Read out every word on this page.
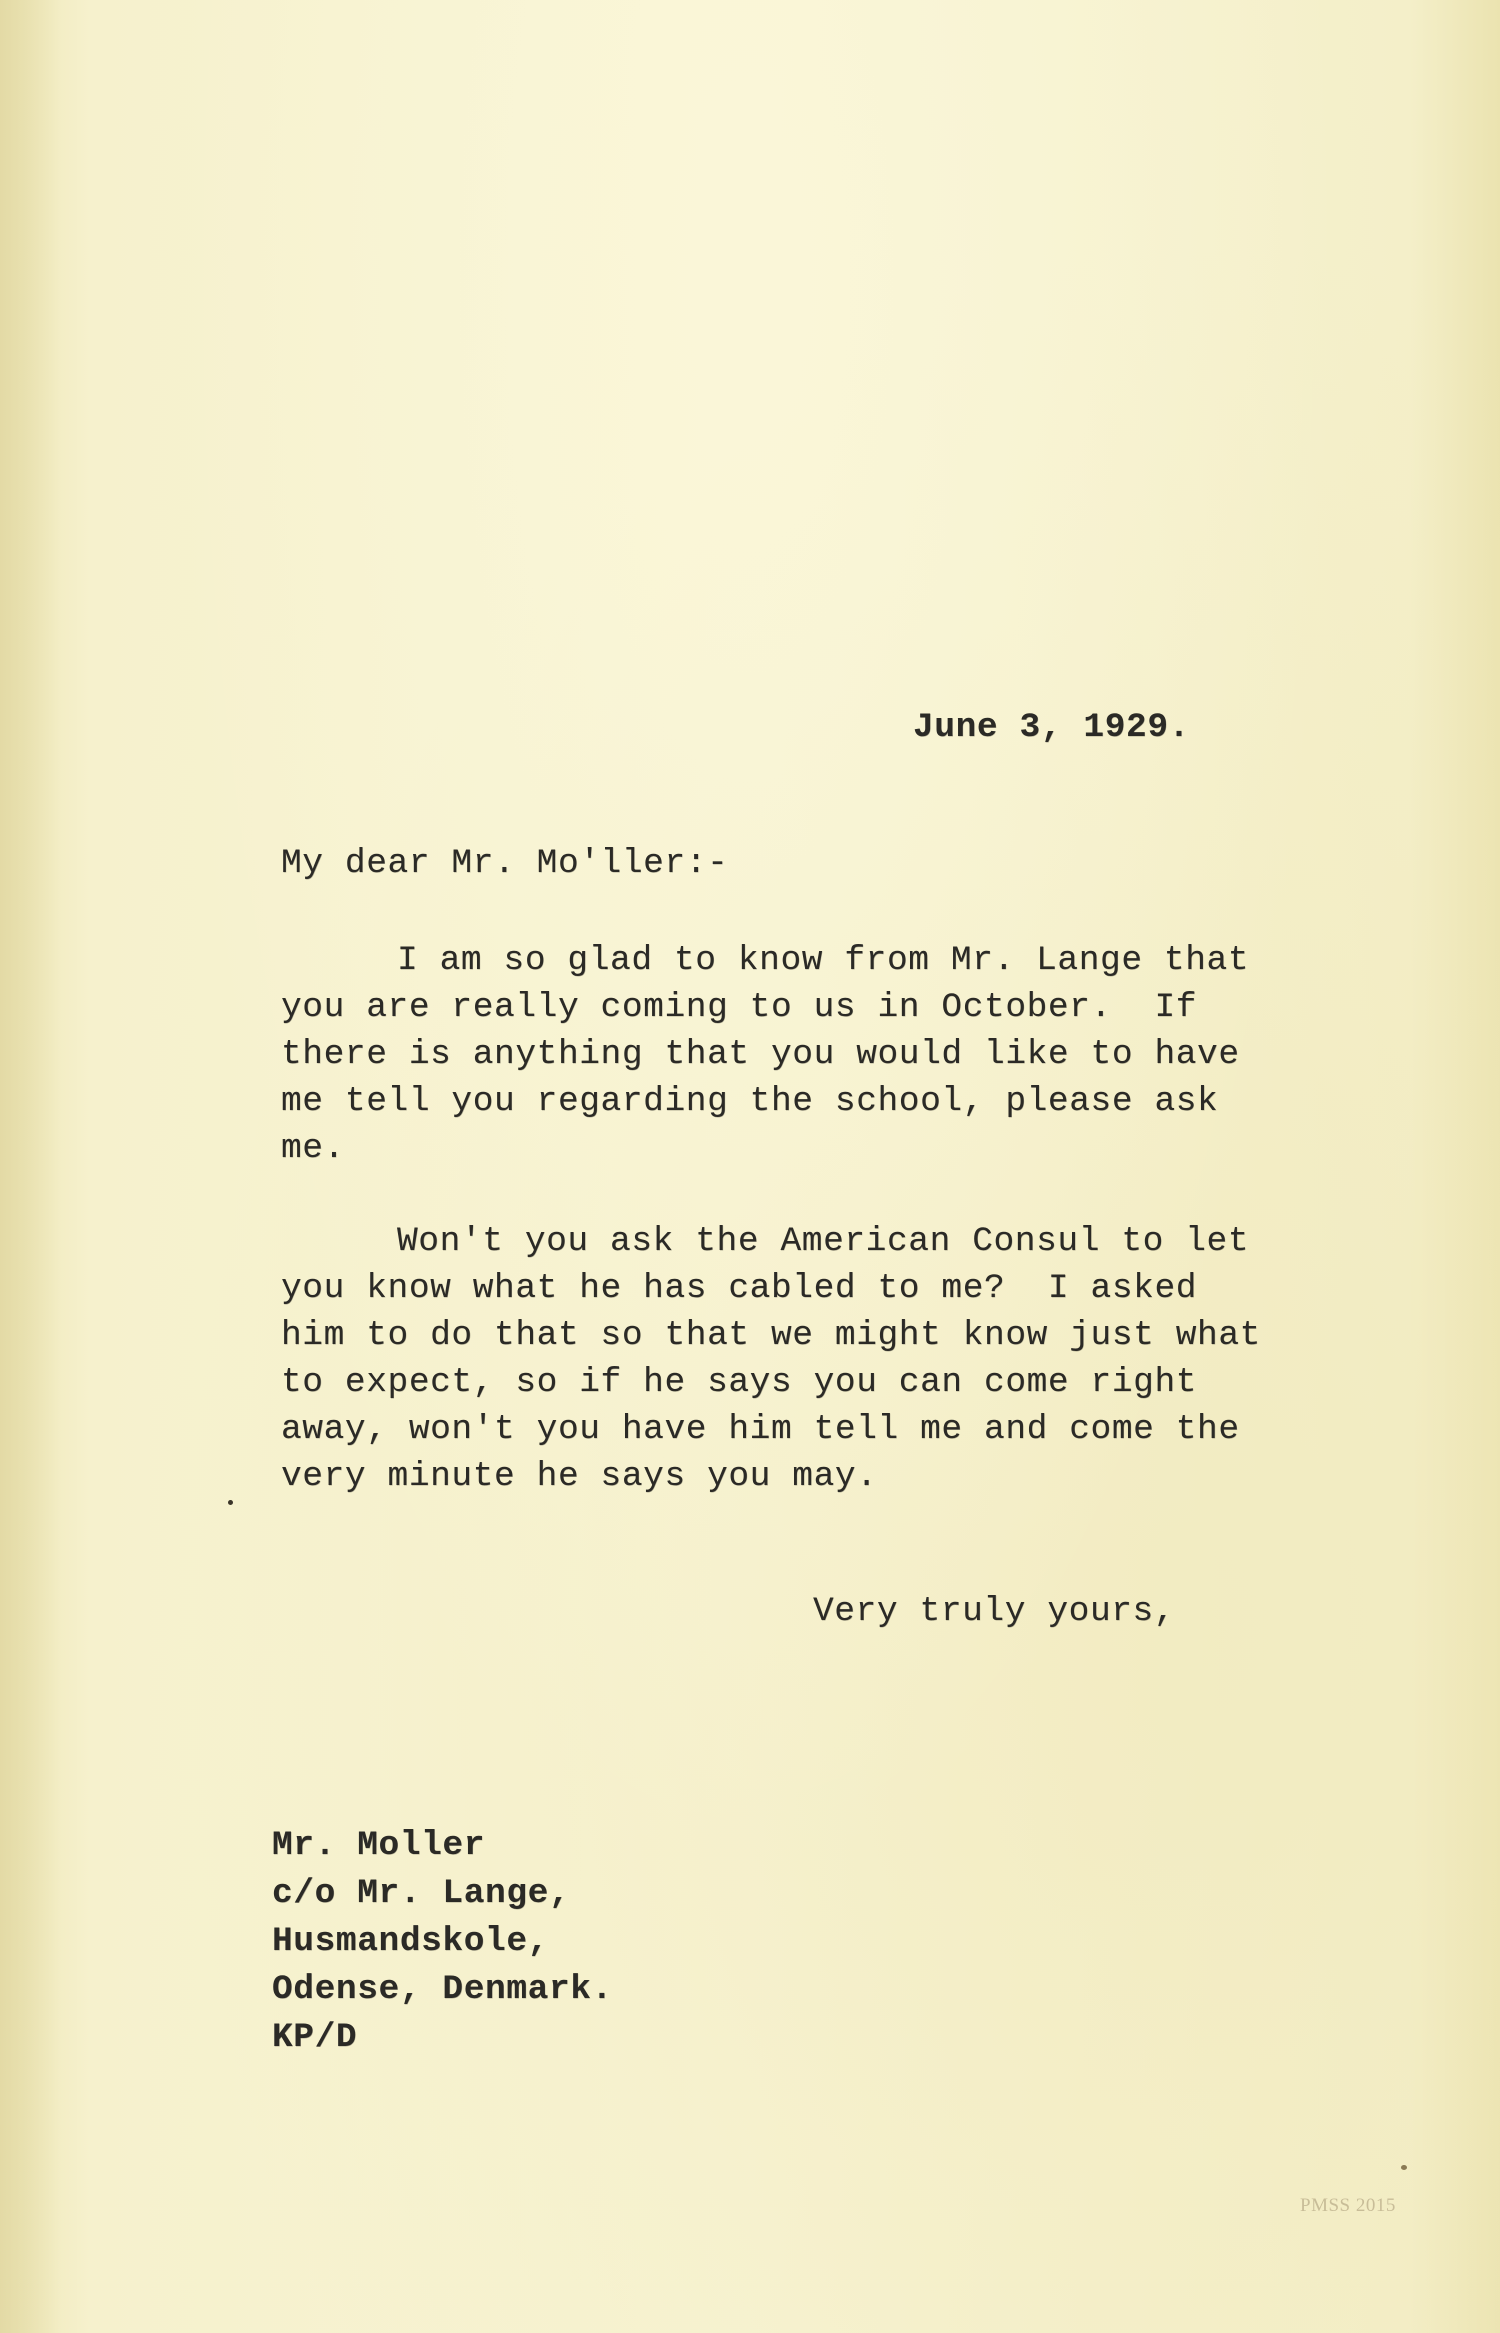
June 3, 1929.
My dear Mr. Mo'ller:-
I am so glad to know from Mr. Lange that
you are really coming to us in October.  If
there is anything that you would like to have
me tell you regarding the school, please ask
me.
Won't you ask the American Consul to let
you know what he has cabled to me?  I asked
him to do that so that we might know just what
to expect, so if he says you can come right
away, won't you have him tell me and come the
very minute he says you may.
Very truly yours,
Mr. Moller
c/o Mr. Lange,
Husmandskole,
Odense, Denmark.
KP/D
PMSS 2015
